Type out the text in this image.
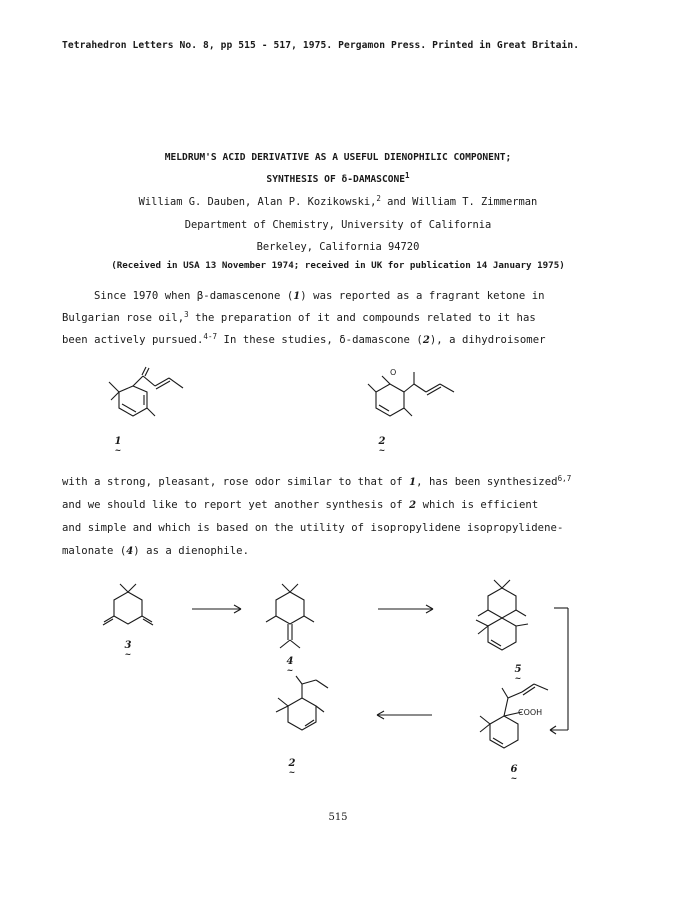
Tetrahedron Letters No. 8, pp 515 - 517, 1975. Pergamon Press. Printed in Great Britain.
MELDRUM'S ACID DERIVATIVE AS A USEFUL DIENOPHILIC COMPONENT;
SYNTHESIS OF δ-DAMASCONE$^1$
William G. Dauben, Alan P. Kozikowski,$^2$ and William T. Zimmerman
Department of Chemistry, University of California
Berkeley, California 94720
(Received in USA 13 November 1974; received in UK for publication 14 January 1975)
Since 1970 when β-damascenone (1) was reported as a fragrant ketone in
Bulgarian rose oil,$^3$ the preparation of it and compounds related to it has
been actively pursued.$^{4-7}$ In these studies, δ-damascone (2), a dihydroisomer
1
~
O
2
~
with a strong, pleasant, rose odor similar to that of 1, has been synthesized$^{6,7}$
and we should like to report yet another synthesis of 2 which is efficient
and simple and which is based on the utility of isopropylidene isopropylidene-
malonate (4) as a dienophile.
3
~
4
~	5
~
COOH
6
~
2
~
515
